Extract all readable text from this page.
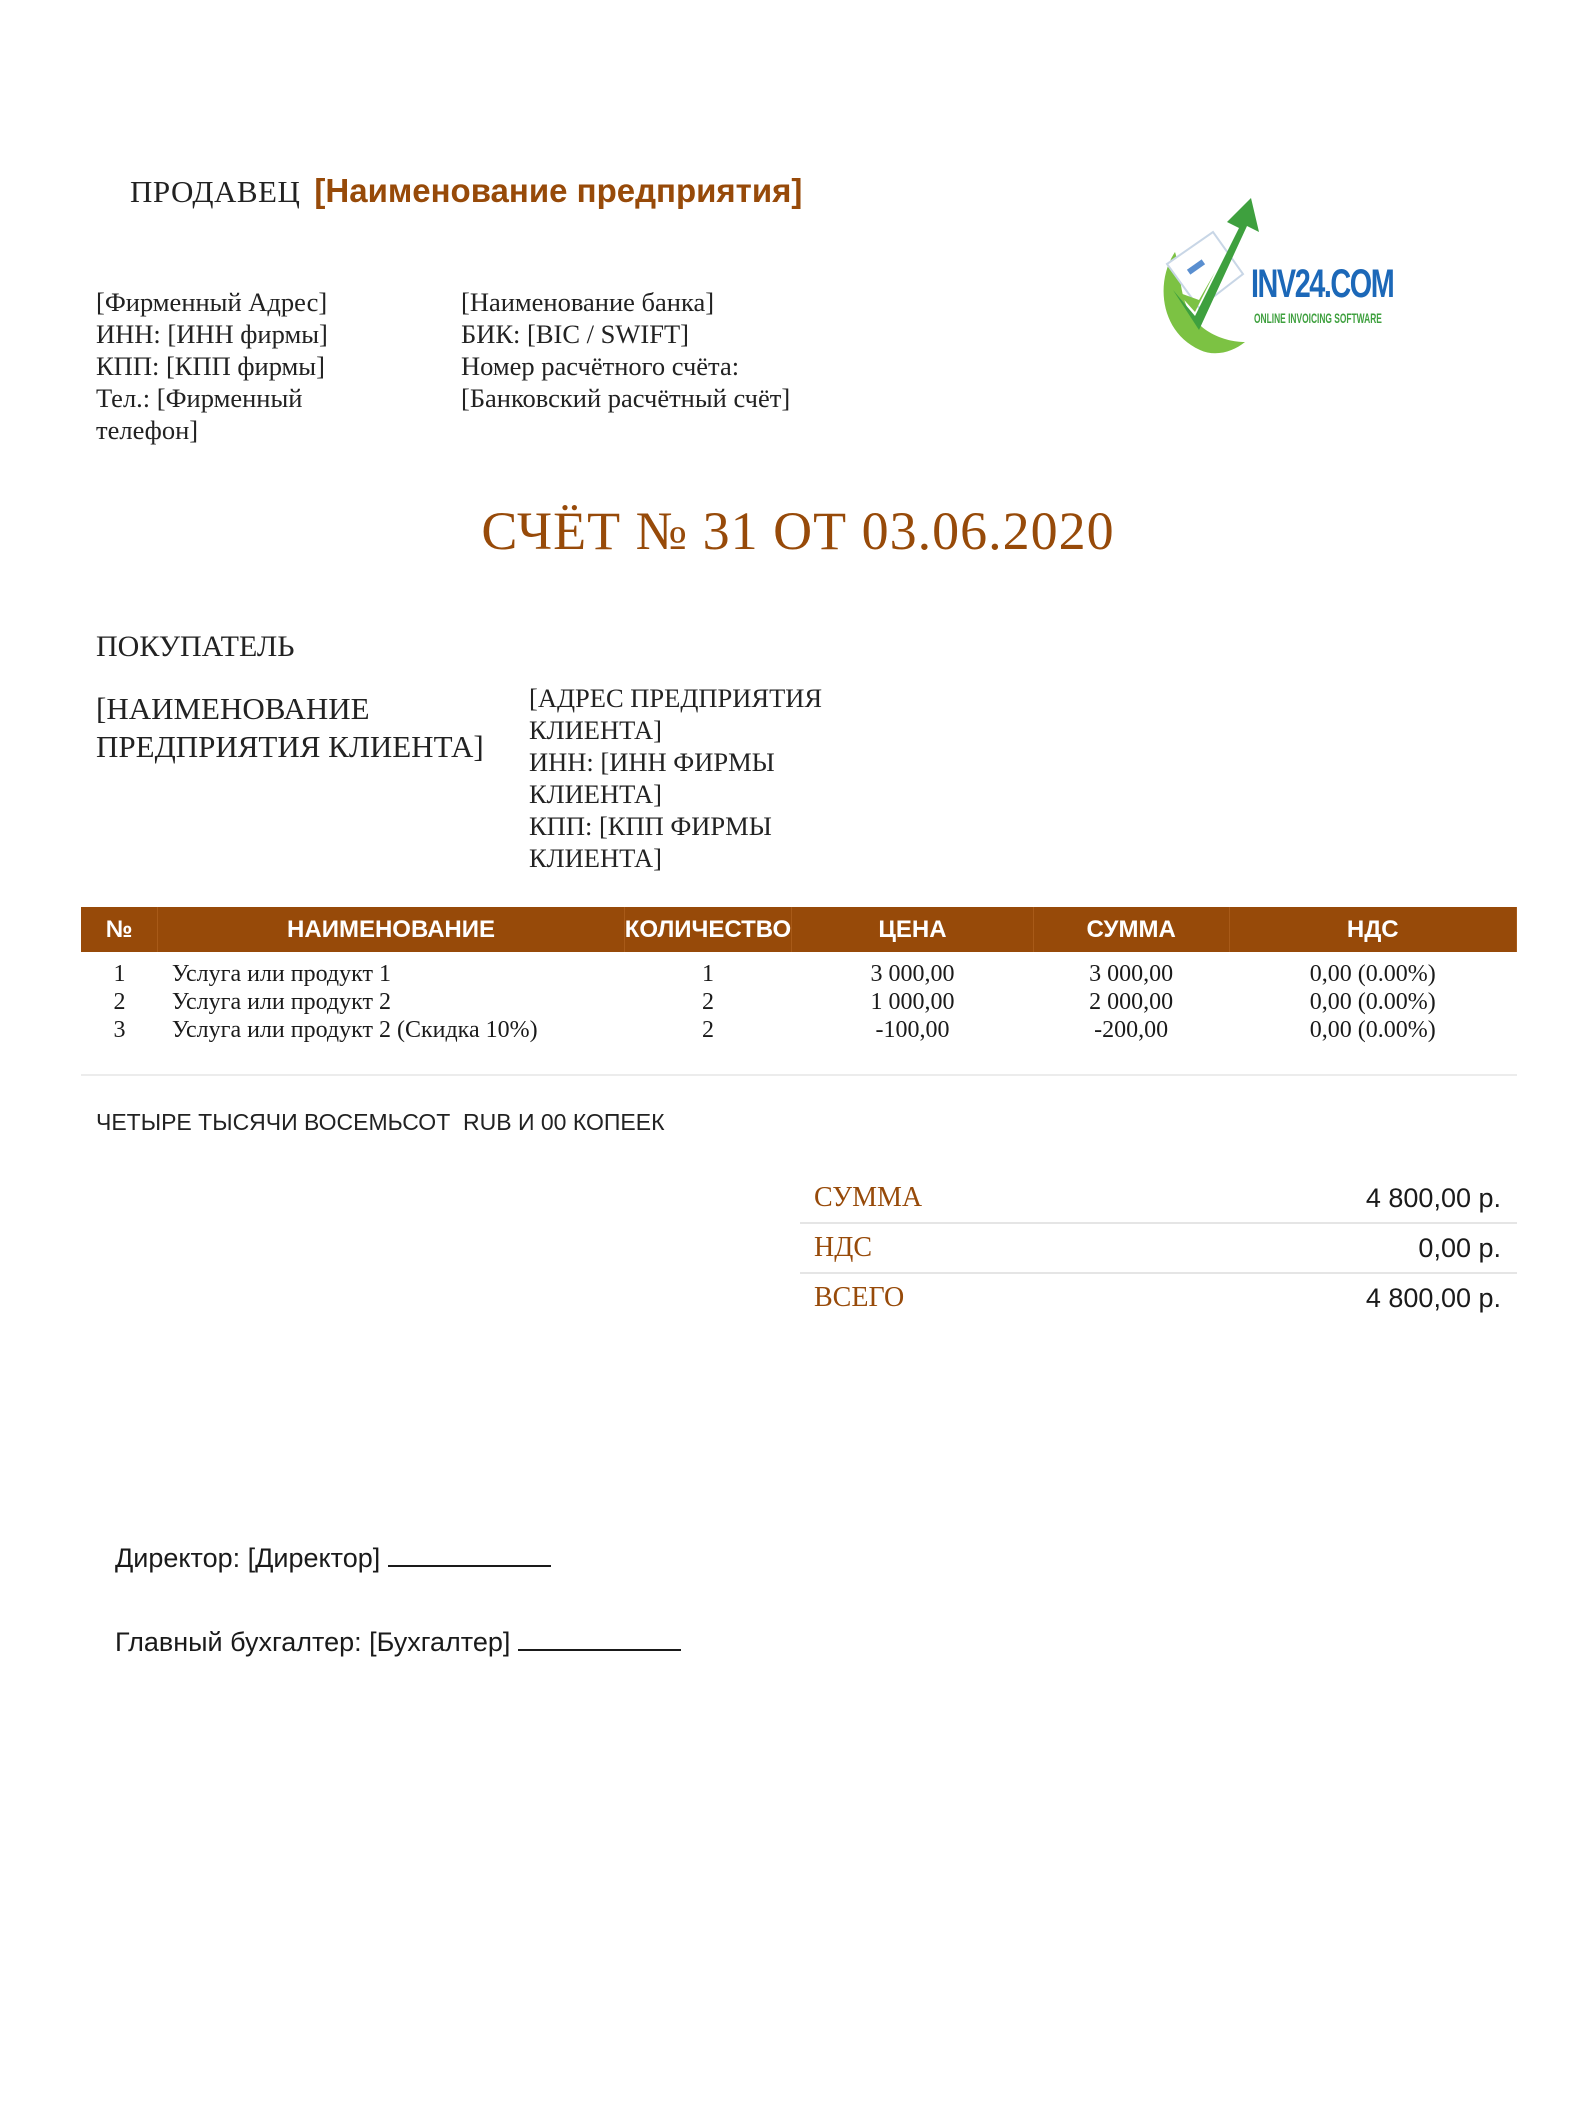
ПРОДАВЕЦ [Наименование предприятия]
[Фирменный Адрес]
ИНН: [ИНН фирмы]
КПП: [КПП фирмы]
Тел.: [Фирменный телефон]
[Наименование банка]
БИК: [BIC / SWIFT]
Номер расчётного счёта: [Банковский расчётный счёт]
INV24.COM
ONLINE INVOICING SOFTWARE
СЧЁТ № 31 ОТ 03.06.2020
ПОКУПАТЕЛЬ
[НАИМЕНОВАНИЕ ПРЕДПРИЯТИЯ КЛИЕНТА]
[АДРЕС ПРЕДПРИЯТИЯ КЛИЕНТА]
ИНН: [ИНН ФИРМЫ КЛИЕНТА]
КПП: [КПП ФИРМЫ КЛИЕНТА]
№	НАИМЕНОВАНИЕ	КОЛИЧЕСТВО	ЦЕНА	СУММА	НДС
1	Услуга или продукт 1	1	3 000,00	3 000,00	0,00 (0.00%)
2	Услуга или продукт 2	2	1 000,00	2 000,00	0,00 (0.00%)
3	Услуга или продукт 2 (Скидка 10%)	2	-100,00	-200,00	0,00 (0.00%)

ЧЕТЫРЕ ТЫСЯЧИ ВОСЕМЬСОТ  RUB И 00 КОПЕЕК
СУММА	4 800,00 р.
НДС	0,00 р.
ВСЕГО	4 800,00 р.
Директор: [Директор]
Главный бухгалтер: [Бухгалтер]
